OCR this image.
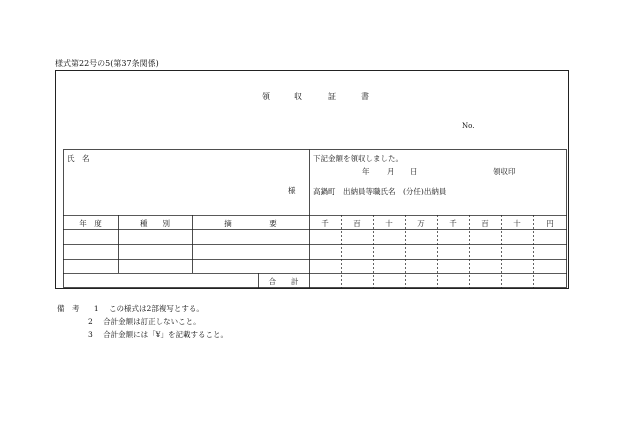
様式第22号の5(第37条関係)
領	収	証	書
No.
氏　名
様
下記金額を領収しました。
年 月 日	領収印
高鍋町　出納員等職氏名　(分任)出納員
年　度	種　　別	摘　　　　　要	千	百	十	万	千	百	十	円
合　　計
備　考 1 この様式は2部複写とする。
2 合計金額は訂正しないこと。
3 合計金額には「¥」を記載すること。
